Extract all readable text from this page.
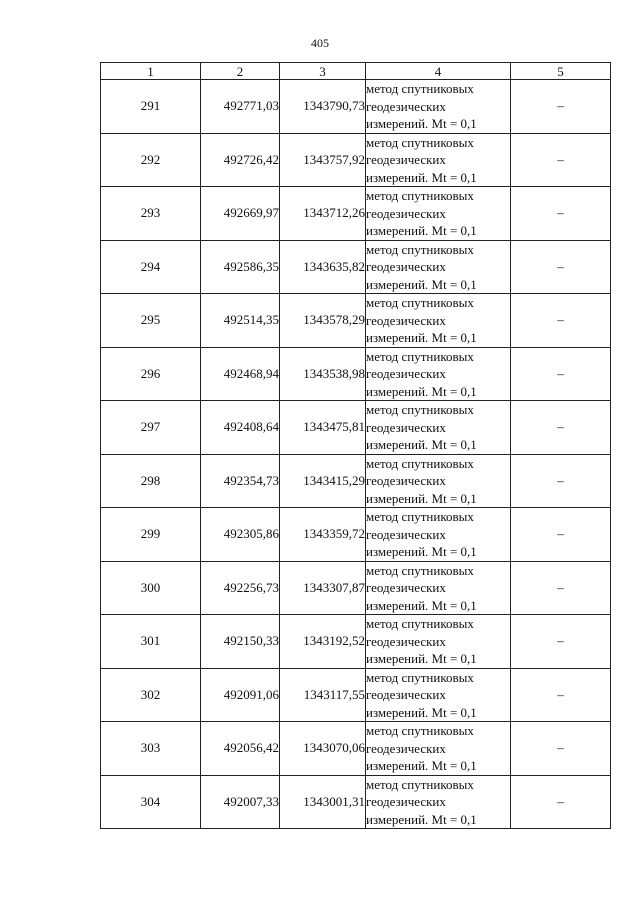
405
1	2	3	4	5
291	492771,03	1343790,73	метод спутниковых
геодезических
измерений. Mt = 0,1	–
292	492726,42	1343757,92	метод спутниковых
геодезических
измерений. Mt = 0,1	–
293	492669,97	1343712,26	метод спутниковых
геодезических
измерений. Mt = 0,1	–
294	492586,35	1343635,82	метод спутниковых
геодезических
измерений. Mt = 0,1	–
295	492514,35	1343578,29	метод спутниковых
геодезических
измерений. Mt = 0,1	–
296	492468,94	1343538,98	метод спутниковых
геодезических
измерений. Mt = 0,1	–
297	492408,64	1343475,81	метод спутниковых
геодезических
измерений. Mt = 0,1	–
298	492354,73	1343415,29	метод спутниковых
геодезических
измерений. Mt = 0,1	–
299	492305,86	1343359,72	метод спутниковых
геодезических
измерений. Mt = 0,1	–
300	492256,73	1343307,87	метод спутниковых
геодезических
измерений. Mt = 0,1	–
301	492150,33	1343192,52	метод спутниковых
геодезических
измерений. Mt = 0,1	–
302	492091,06	1343117,55	метод спутниковых
геодезических
измерений. Mt = 0,1	–
303	492056,42	1343070,06	метод спутниковых
геодезических
измерений. Mt = 0,1	–
304	492007,33	1343001,31	метод спутниковых
геодезических
измерений. Mt = 0,1	–
